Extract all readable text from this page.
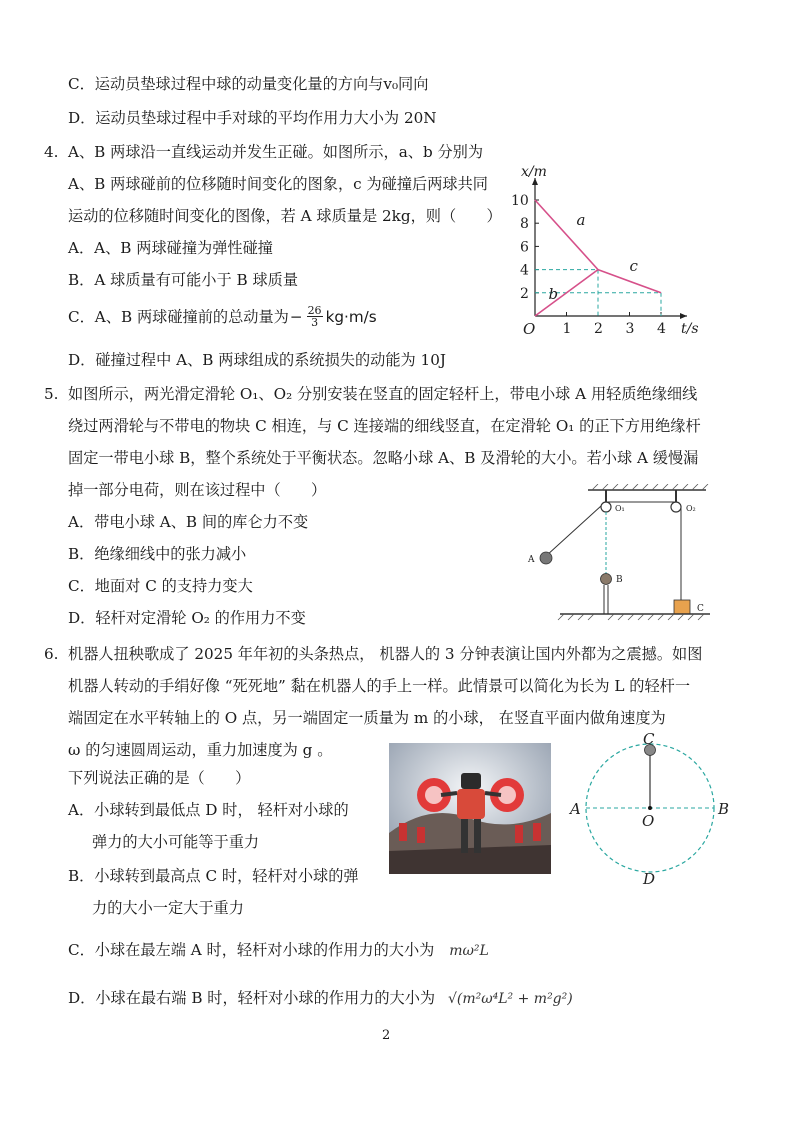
C．运动员垫球过程中球的动量变化量的方向与v₀同向
D．运动员垫球过程中手对球的平均作用力大小为 20N
4. A、B 两球沿一直线运动并发生正碰。如图所示，a、b 分别为
A、B 两球碰前的位移随时间变化的图象，c 为碰撞后两球共同
运动的位移随时间变化的图像，若 A 球质量是 2kg，则（　　）
A．A、B 两球碰撞为弹性碰撞
B．A 球质量有可能小于 B 球质量
C．A、B 两球碰撞前的总动量为 − $\frac{26}{3} kg\cdot m/s$
D．碰撞过程中 A、B 两球组成的系统损失的动能为 10J
1 2 3 4
2
4
6
8
10
O	t/s
x/m
a
b
c
5. 如图所示，两光滑定滑轮 O₁、O₂ 分别安装在竖直的固定轻杆上，带电小球 A 用轻质绝缘细线
绕过两滑轮与不带电的物块 C 相连，与 C 连接端的细线竖直，在定滑轮 O₁ 的正下方用绝缘杆
固定一带电小球 B，整个系统处于平衡状态。忽略小球 A、B 及滑轮的大小。若小球 A 缓慢漏
掉一部分电荷，则在该过程中（　　）
A．带电小球 A、B 间的库仑力不变
B．绝缘细线中的张力减小
C．地面对 C 的支持力变大
D．轻杆对定滑轮 O₂ 的作用力不变
O₁	O₂
A
B
C
6. 机器人扭秧歌成了 2025 年年初的头条热点， 机器人的 3 分钟表演让国内外都为之震撼。如图
机器人转动的手绢好像 “死死地” 黏在机器人的手上一样。此情景可以简化为长为 L 的轻杆一
端固定在水平转轴上的 O 点，另一端固定一质量为 m 的小球， 在竖直平面内做角速度为
ω 的匀速圆周运动，重力加速度为 g 。
下列说法正确的是（　　）
A．小球转到最低点 D 时， 轻杆对小球的
弹力的大小可能等于重力
B．小球转到最高点 C 时，轻杆对小球的弹
力的大小一定大于重力
C．小球在最左端 A 时，轻杆对小球的作用力的大小为 mω²L
D．小球在最右端 B 时，轻杆对小球的作用力的大小为 √(m²ω⁴L² + m²g²)
C
A	B
D
O
2
